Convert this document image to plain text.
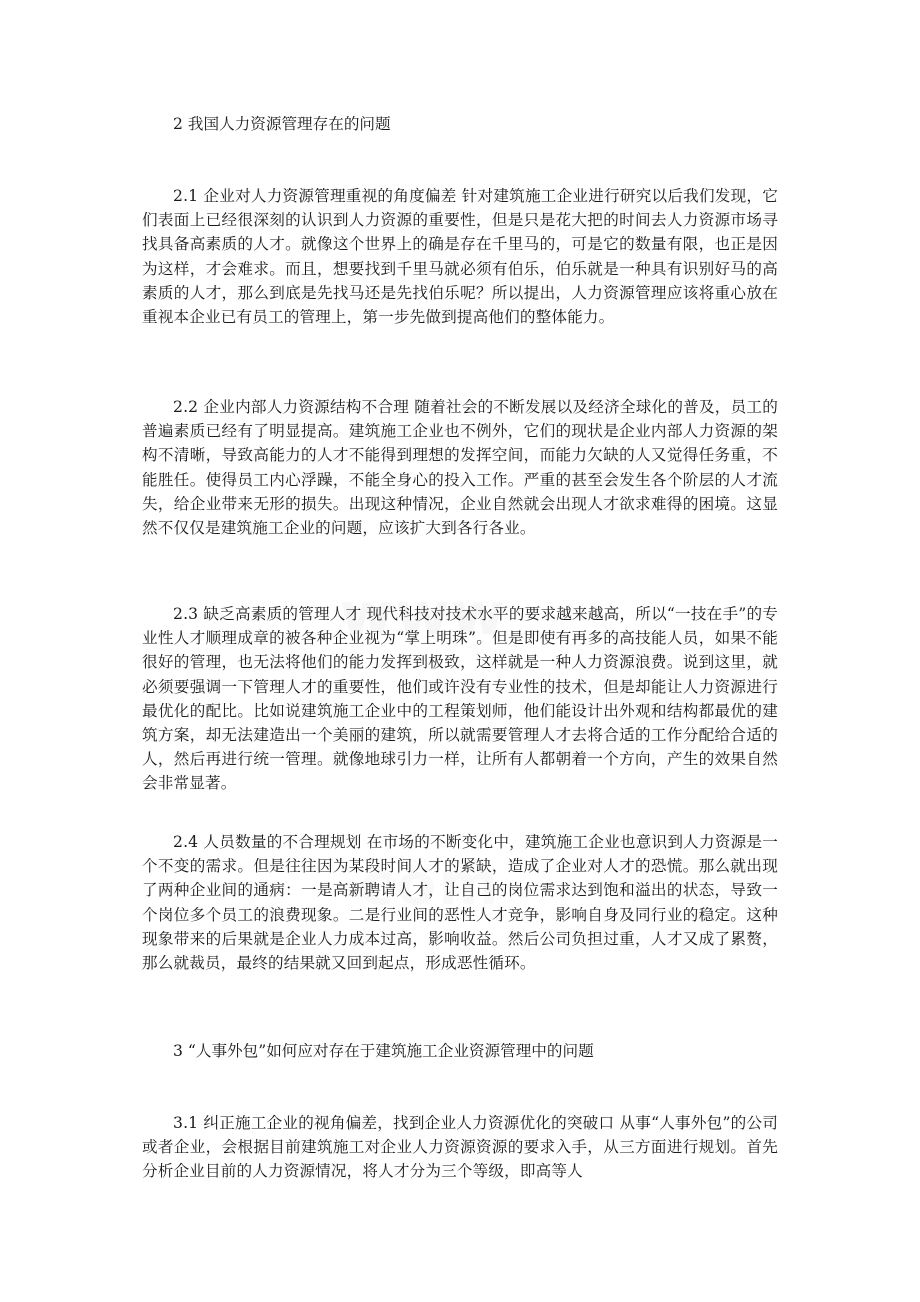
www
com

2 我国人力资源管理存在的问题

2.1 企业对人力资源管理重视的角度偏差 针对建筑施工企业进行研究以后我们发现，它们表面上已经很深刻的认识到人力资源的重要性，但是只是花大把的时间去人力资源市场寻找具备高素质的人才。就像这个世界上的确是存在千里马的，可是它的数量有限，也正是因为这样，才会难求。而且，想要找到千里马就必须有伯乐，伯乐就是一种具有识别好马的高素质的人才，那么到底是先找马还是先找伯乐呢？所以提出，人力资源管理应该将重心放在重视本企业已有员工的管理上，第一步先做到提高他们的整体能力。

2.2 企业内部人力资源结构不合理 随着社会的不断发展以及经济全球化的普及，员工的普遍素质已经有了明显提高。建筑施工企业也不例外，它们的现状是企业内部人力资源的架构不清晰，导致高能力的人才不能得到理想的发挥空间，而能力欠缺的人又觉得任务重，不能胜任。使得员工内心浮躁，不能全身心的投入工作。严重的甚至会发生各个阶层的人才流失，给企业带来无形的损失。出现这种情况，企业自然就会出现人才欲求难得的困境。这显然不仅仅是建筑施工企业的问题，应该扩大到各行各业。

2.3 缺乏高素质的管理人才 现代科技对技术水平的要求越来越高，所以“一技在手”的专业性人才顺理成章的被各种企业视为“掌上明珠”。但是即使有再多的高技能人员，如果不能很好的管理，也无法将他们的能力发挥到极致，这样就是一种人力资源浪费。说到这里，就必须要强调一下管理人才的重要性，他们或许没有专业性的技术，但是却能让人力资源进行最优化的配比。比如说建筑施工企业中的工程策划师，他们能设计出外观和结构都最优的建筑方案，却无法建造出一个美丽的建筑，所以就需要管理人才去将合适的工作分配给合适的人，然后再进行统一管理。就像地球引力一样，让所有人都朝着一个方向，产生的效果自然会非常显著。

2.4 人员数量的不合理规划 在市场的不断变化中，建筑施工企业也意识到人力资源是一个不变的需求。但是往往因为某段时间人才的紧缺，造成了企业对人才的恐慌。那么就出现了两种企业间的通病：一是高新聘请人才，让自己的岗位需求达到饱和溢出的状态，导致一个岗位多个员工的浪费现象。二是行业间的恶性人才竞争，影响自身及同行业的稳定。这种现象带来的后果就是企业人力成本过高，影响收益。然后公司负担过重，人才又成了累赘，那么就裁员，最终的结果就又回到起点，形成恶性循环。

3 “人事外包”如何应对存在于建筑施工企业资源管理中的问题

3.1 纠正施工企业的视角偏差，找到企业人力资源优化的突破口 从事“人事外包”的公司或者企业，会根据目前建筑施工对企业人力资源资源的要求入手，从三方面进行规划。首先分析企业目前的人力资源情况，将人才分为三个等级，即高等人
